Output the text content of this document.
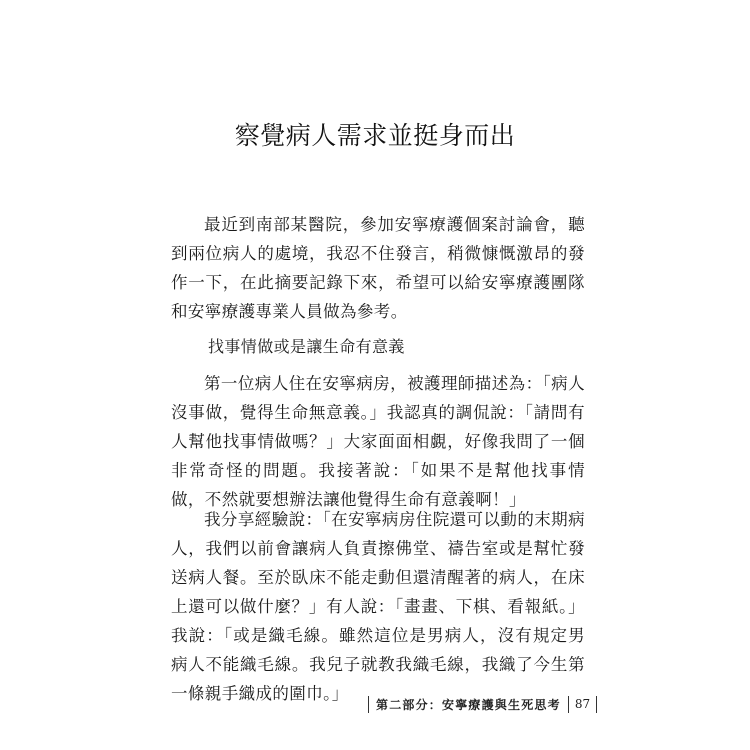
察覺病人需求並挺身而出

最近到南部某醫院，參加安寧療護個案討論會，聽到兩位病人的處境，我忍不住發言，稍微慷慨激昂的發作一下，在此摘要記錄下來，希望可以給安寧療護團隊和安寧療護專業人員做為參考。

找事情做或是讓生命有意義

第一位病人住在安寧病房，被護理師描述為：「病人沒事做，覺得生命無意義。」我認真的調侃說：「請問有人幫他找事情做嗎？」大家面面相覷，好像我問了一個非常奇怪的問題。我接著說：「如果不是幫他找事情做，不然就要想辦法讓他覺得生命有意義啊！」

我分享經驗說：「在安寧病房住院還可以動的末期病人，我們以前會讓病人負責擦佛堂、禱告室或是幫忙發送病人餐。至於臥床不能走動但還清醒著的病人，在床上還可以做什麼？」有人說：「畫畫、下棋、看報紙。」我說：「或是織毛線。雖然這位是男病人，沒有規定男病人不能織毛線。我兒子就教我織毛線，我織了今生第一條親手織成的圍巾。」

第二部分：安寧療護與生死思考	87
